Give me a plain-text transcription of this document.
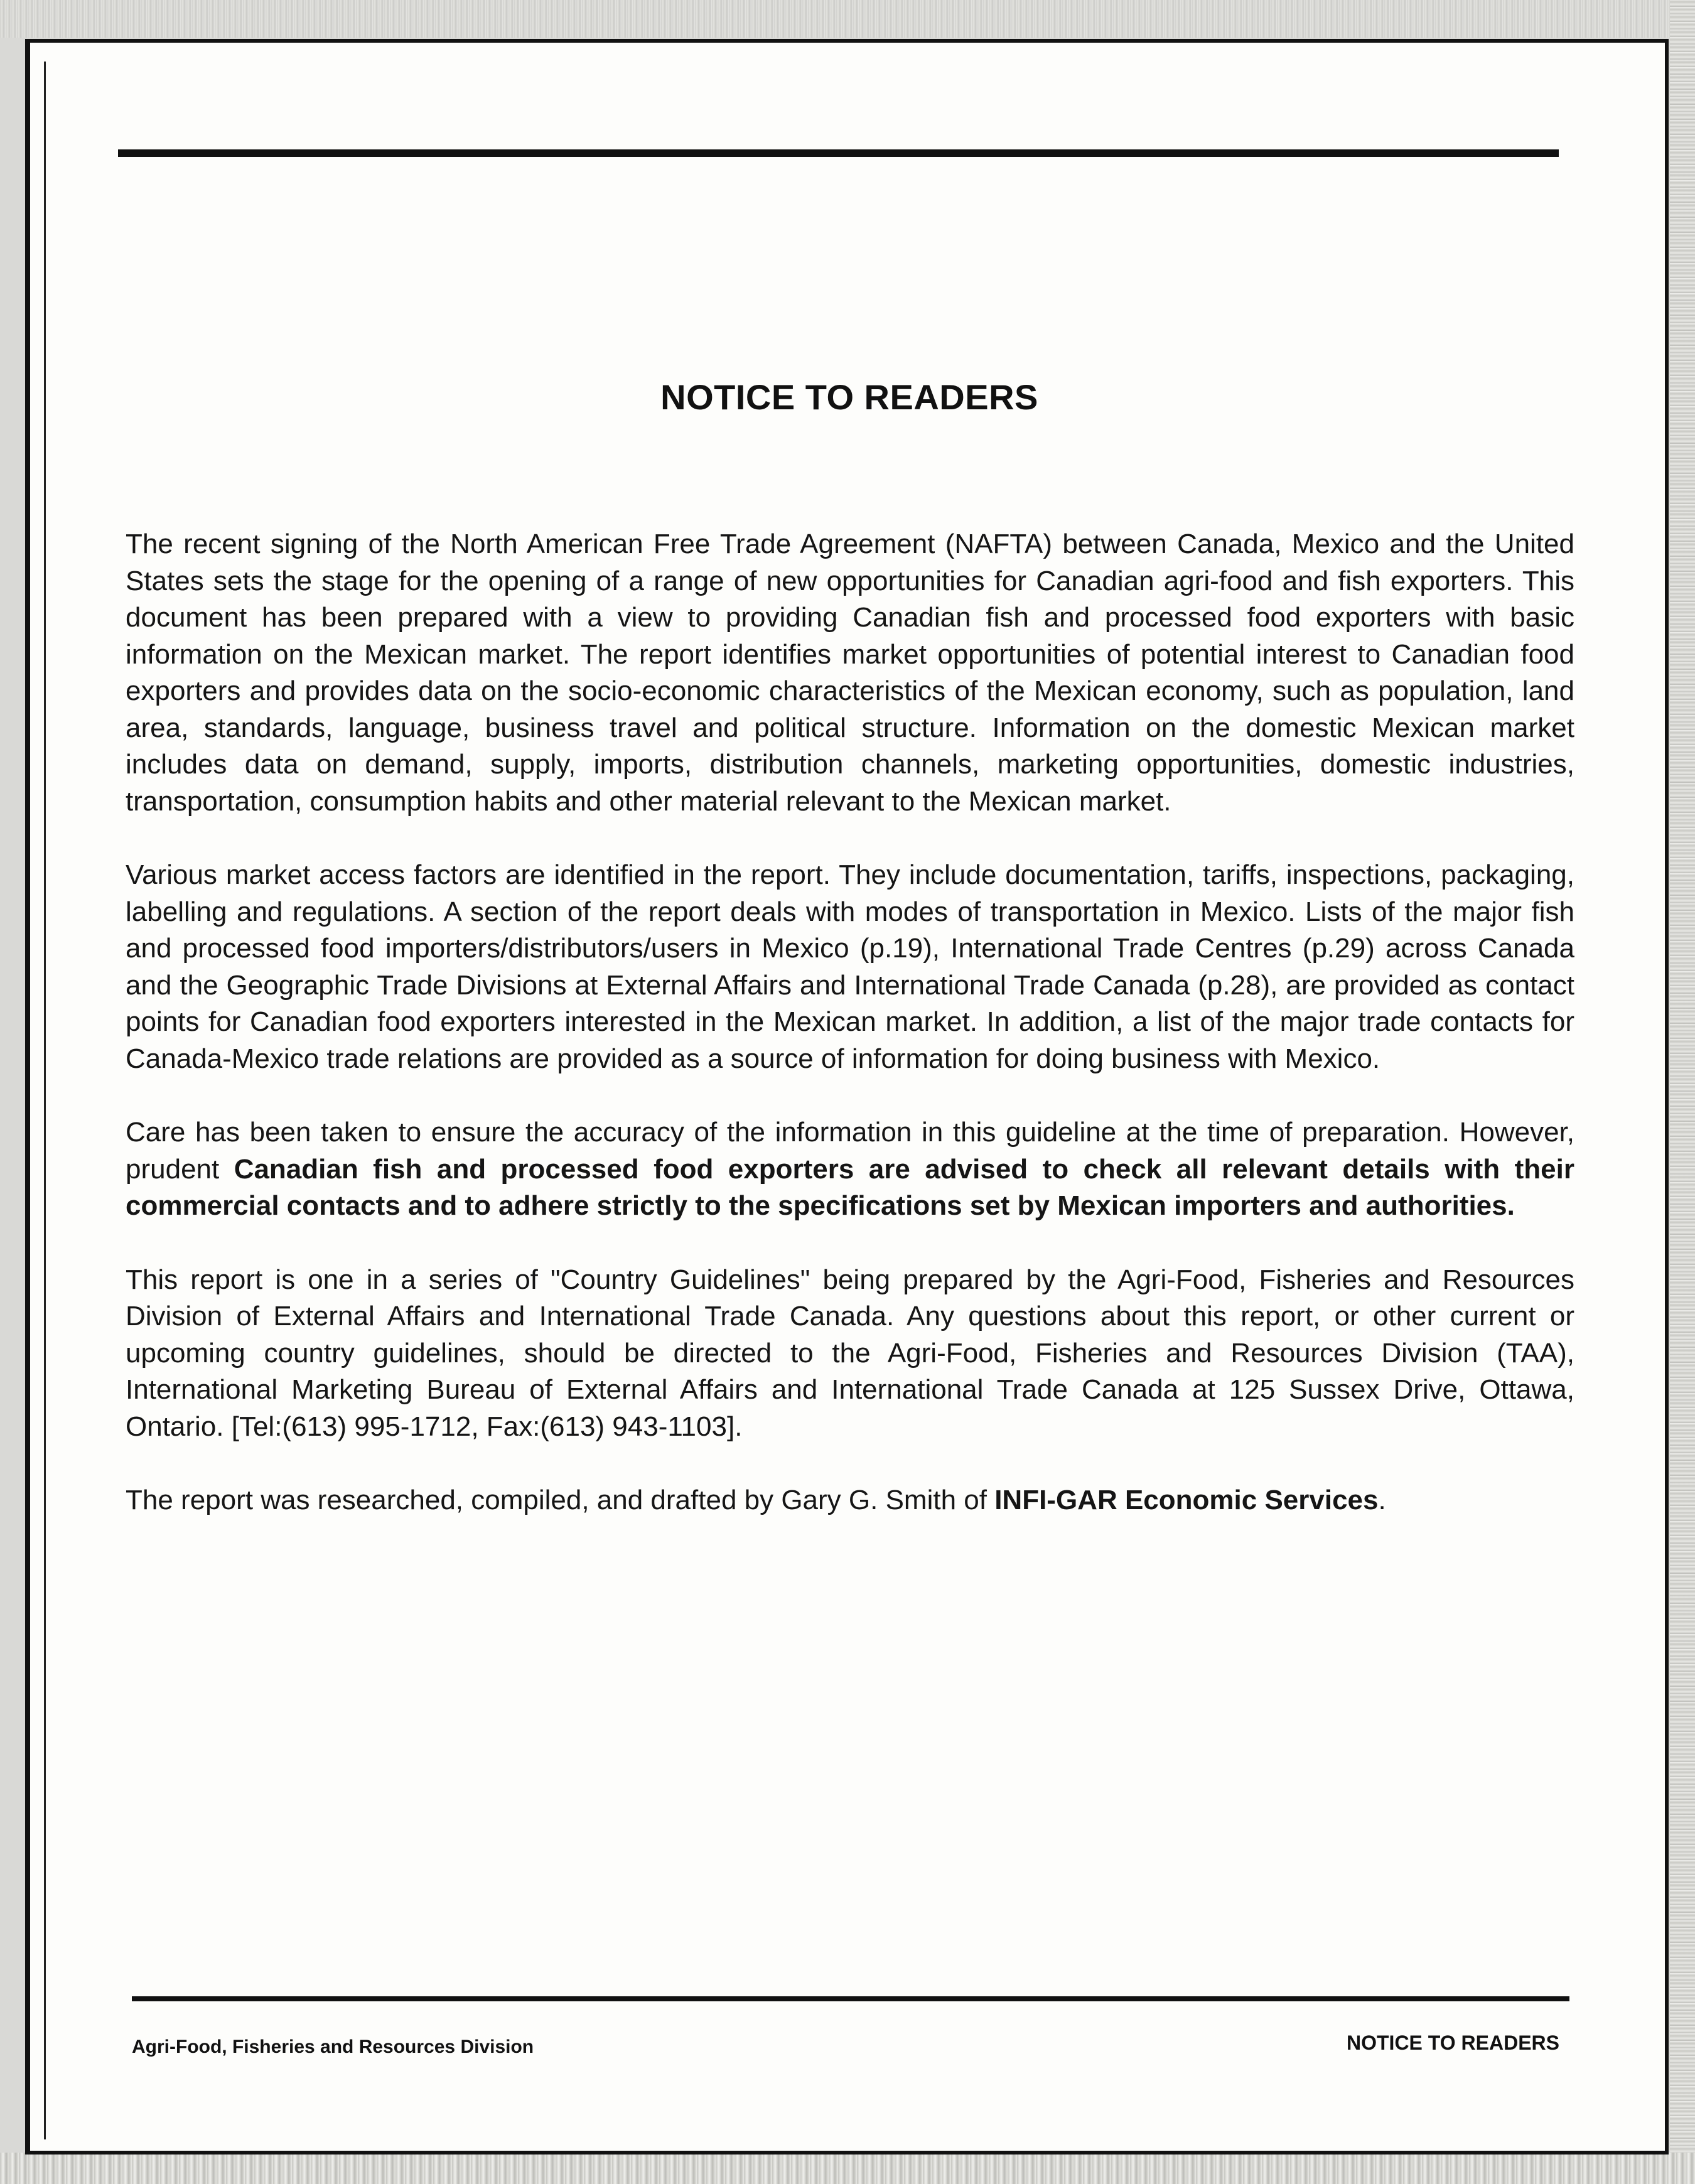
NOTICE TO READERS

The recent signing of the North American Free Trade Agreement (NAFTA) between Canada, Mexico and the United States sets the stage for the opening of a range of new opportunities for Canadian agri-food and fish exporters. This document has been prepared with a view to providing Canadian fish and processed food exporters with basic information on the Mexican market. The report identifies market opportunities of potential interest to Canadian food exporters and provides data on the socio-economic characteristics of the Mexican economy, such as population, land area, standards, language, business travel and political structure. Information on the domestic Mexican market includes data on demand, supply, imports, distribution channels, marketing opportunities, domestic industries, transportation, consumption habits and other material relevant to the Mexican market.

Various market access factors are identified in the report. They include documentation, tariffs, inspections, packaging, labelling and regulations. A section of the report deals with modes of transportation in Mexico. Lists of the major fish and processed food importers/distributors/users in Mexico (p.19), International Trade Centres (p.29) across Canada and the Geographic Trade Divisions at External Affairs and International Trade Canada (p.28), are provided as contact points for Canadian food exporters interested in the Mexican market. In addition, a list of the major trade contacts for Canada-Mexico trade relations are provided as a source of information for doing business with Mexico.

Care has been taken to ensure the accuracy of the information in this guideline at the time of preparation. However, prudent Canadian fish and processed food exporters are advised to check all relevant details with their commercial contacts and to adhere strictly to the specifications set by Mexican importers and authorities.

This report is one in a series of "Country Guidelines" being prepared by the Agri-Food, Fisheries and Resources Division of External Affairs and International Trade Canada. Any questions about this report, or other current or upcoming country guidelines, should be directed to the Agri-Food, Fisheries and Resources Division (TAA), International Marketing Bureau of External Affairs and International Trade Canada at 125 Sussex Drive, Ottawa, Ontario. [Tel:(613) 995-1712, Fax:(613) 943-1103].

The report was researched, compiled, and drafted by Gary G. Smith of INFI-GAR Economic Services.

Agri-Food, Fisheries and Resources Division	NOTICE TO READERS
